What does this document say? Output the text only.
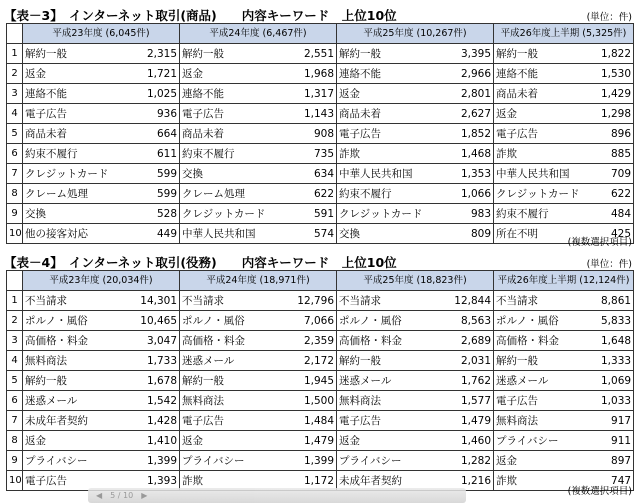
【表－3】　インターネット取引(商品)　　内容キーワード　上位10位	(単位：件)
	平成23年度 (6,045件)		平成24年度 (6,467件)		平成25年度 (10,267件)		平成26年度上半期 (5,325件)	
1	解約一般	2,315	解約一般	2,551	解約一般	3,395	解約一般	1,822
2	返金	1,721	返金	1,968	連絡不能	2,966	連絡不能	1,530
3	連絡不能	1,025	連絡不能	1,317	返金	2,801	商品未着	1,429
4	電子広告	936	電子広告	1,143	商品未着	2,627	返金	1,298
5	商品未着	664	商品未着	908	電子広告	1,852	電子広告	896
6	約束不履行	611	約束不履行	735	詐欺	1,468	詐欺	885
7	クレジットカード	599	交換	634	中華人民共和国	1,353	中華人民共和国	709
8	クレーム処理	599	クレーム処理	622	約束不履行	1,066	クレジットカード	622
9	交換	528	クレジットカード	591	クレジットカード	983	約束不履行	484
10	他の接客対応	449	中華人民共和国	574	交換	809	所在不明	425
(複数選択項目)
【表－4】　インターネット取引(役務)　　内容キーワード　上位10位	(単位：件)
	平成23年度 (20,034件)		平成24年度 (18,971件)		平成25年度 (18,823件)		平成26年度上半期 (12,124件)	
1	不当請求	14,301	不当請求	12,796	不当請求	12,844	不当請求	8,861
2	ポルノ・風俗	10,465	ポルノ・風俗	7,066	ポルノ・風俗	8,563	ポルノ・風俗	5,833
3	高価格・料金	3,047	高価格・料金	2,359	高価格・料金	2,689	高価格・料金	1,648
4	無料商法	1,733	迷惑メール	2,172	解約一般	2,031	解約一般	1,333
5	解約一般	1,678	解約一般	1,945	迷惑メール	1,762	迷惑メール	1,069
6	迷惑メール	1,542	無料商法	1,500	無料商法	1,577	電子広告	1,033
7	未成年者契約	1,428	電子広告	1,484	電子広告	1,479	無料商法	917
8	返金	1,410	返金	1,479	返金	1,460	プライバシー	911
9	プライバシー	1,399	プライバシー	1,399	プライバシー	1,282	返金	897
10	電子広告	1,393	詐欺	1,172	未成年者契約	1,216	詐欺	747
(複数選択項目)
◀ 5 / 10 ▶
